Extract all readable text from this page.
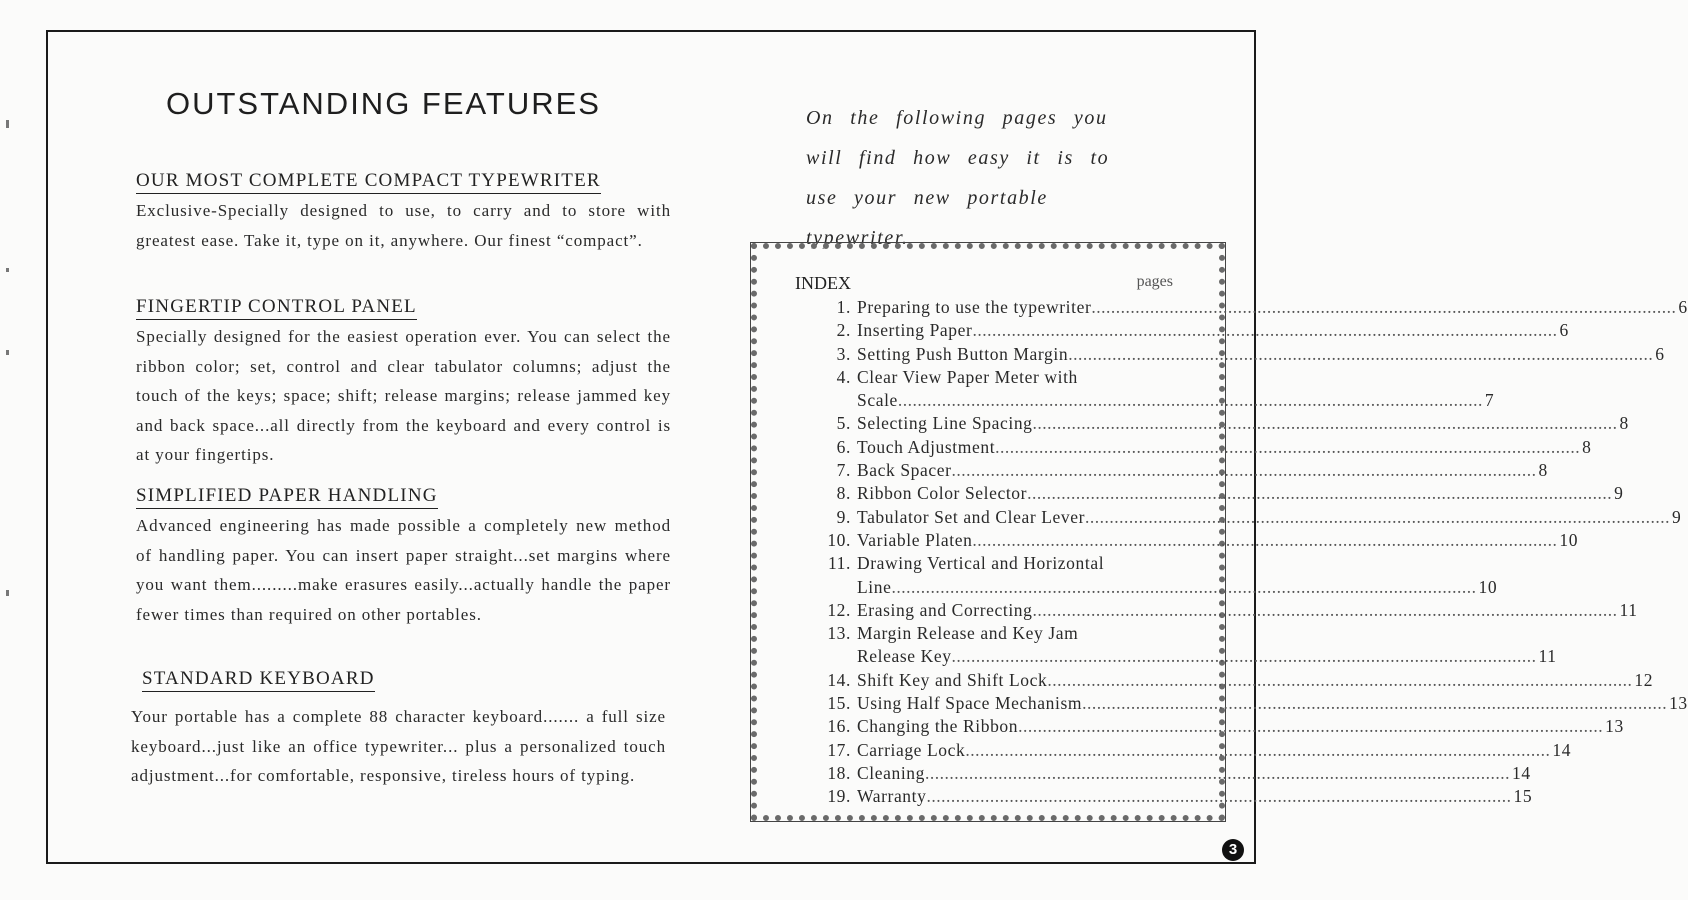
OUTSTANDING FEATURES
OUR MOST COMPLETE COMPACT TYPEWRITER
Exclusive-Specially designed to use, to carry and to store with greatest ease. Take it, type on it, anywhere. Our finest “compact”.
FINGERTIP CONTROL PANEL
Specially designed for the easiest operation ever. You can select the ribbon color; set, control and clear tabulator columns; adjust the touch of the keys; space; shift; release margins; release jammed key and back space...all directly from the keyboard and every control is at your fingertips.
SIMPLIFIED PAPER HANDLING
Advanced engineering has made possible a completely new method of handling paper. You can insert paper straight...set margins where you want them.........make erasures easily...actually handle the paper fewer times than required on other portables.
STANDARD KEYBOARD
Your portable has a complete 88 character keyboard....... a full size keyboard...just like an office typewriter... plus a personalized touch adjustment...for comfortable, responsive, tireless hours of typing.
On the following pages you will find how easy it is to use your new portable typewriter.
INDEX	pages
1. Preparing to use the typewriter ........................................................................................................................ 6
2. Inserting Paper ........................................................................................................................ 6
3. Setting Push Button Margin ........................................................................................................................ 6
4. Clear View Paper Meter with
Scale ........................................................................................................................ 7
5. Selecting Line Spacing ........................................................................................................................ 8
6. Touch Adjustment ........................................................................................................................ 8
7. Back Spacer ........................................................................................................................ 8
8. Ribbon Color Selector ........................................................................................................................ 9
9. Tabulator Set and Clear Lever ........................................................................................................................ 9
10. Variable Platen ........................................................................................................................ 10
11. Drawing Vertical and Horizontal
Line ........................................................................................................................ 10
12. Erasing and Correcting ........................................................................................................................ 11
13. Margin Release and Key Jam
Release Key ........................................................................................................................ 11
14. Shift Key and Shift Lock ........................................................................................................................ 12
15. Using Half Space Mechanism ........................................................................................................................ 13
16. Changing the Ribbon ........................................................................................................................ 13
17. Carriage Lock ........................................................................................................................ 14
18. Cleaning ........................................................................................................................ 14
19. Warranty ........................................................................................................................ 15
3
